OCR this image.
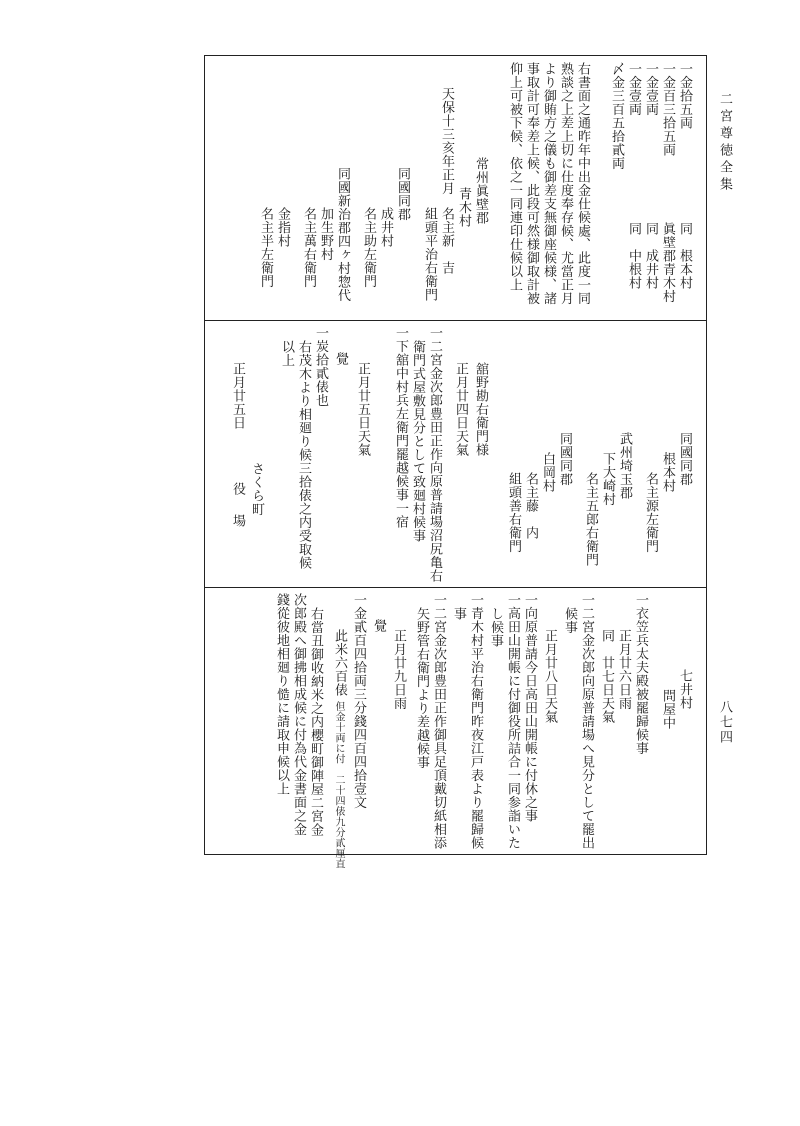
二宮尊徳全集
八七四
一金拾五両
一金百三拾五両
一金壹両
一金壹両
〆金三百五拾貳両
同　根本村
眞壁郡青木村
同　成井村
同　中根村
右書面之通昨年中出金仕候處、此度一同
熟談之上差上切に仕度奉存候、尤當正月
より御賄方之儀も御差支無御座候様、諸
事取計可奉差上候、此段可然様御取計被
仰上可被下候、依之一同連印仕候以上
常州眞壁郡
青木村
天保十三亥年正月
名主新　吉
組頭平治右衛門
同國同郡
成井村
名主助左衛門
同國新治郡四ヶ村惣代
加生野村
名主萬右衛門
金指村
名主半左衛門
同國同郡
根本村
名主源左衛門
武州埼玉郡
下大崎村
名主五郎右衛門
同國同郡
白岡村
名主藤　内
組頭善右衛門
舘野勘右衛門様
正月廿四日天氣
一二宮金次郎豊田正作向原普請場沼尻亀右
衛門式屋敷見分として致廻村候事
一下舘中村兵左衛門罷越候事一宿
正月廿五日天氣
覺
一炭拾貳俵也
右茂木より相廻り候三拾俵之内受取候
以上
正月廿五日
さくら町
役　場
七井村
問屋中
一衣笠兵太夫殿被罷歸候事
正月廿六日雨
同　廿七日天氣
一二宮金次郎向原普請場へ見分として罷出
候事
正月廿八日天氣
一向原普請今日高田山開帳に付休之事
一高田山開帳に付御役所詰合一同参詣いた
し候事
一青木村平治右衛門昨夜江戸表より罷歸候
事
一二宮金次郎豊田正作御具足頂戴切紙相添
矢野管右衛門より差越候事
正月廿九日雨
覺
一金貳百四拾両三分錢四百四拾壹文
此米六百俵
但金十両に付　二十四俵九分貳厘直
右當丑御收納米之内櫻町御陣屋二宮金
次郎殿へ御拂相成候に付為代金書面之金
錢從彼地相廻り慥に請取申候以上
